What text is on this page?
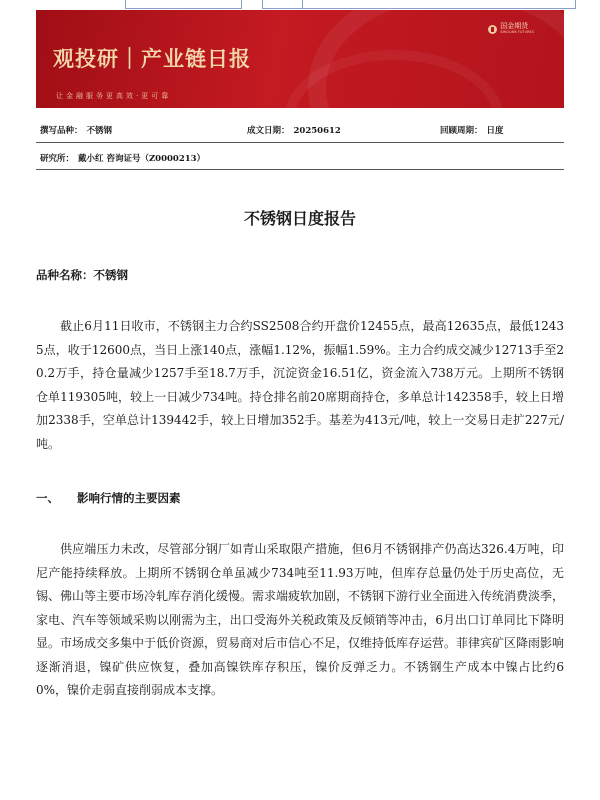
观投研｜产业链日报
让金融服务更高效·更可靠
国金期货
SINOLINK FUTURES
撰写品种： 不锈钢	成文日期： 20250612	回顾周期： 日度
研究所： 戴小红 咨询证号（Z0000213）
不锈钢日度报告
品种名称：不锈钢
截止6月11日收市，不锈钢主力合约SS2508合约开盘价12455点，最高12635点，最低12435点，收于12600点，当日上涨140点，涨幅1.12%，振幅1.59%。主力合约成交减少12713手至20.2万手，持仓量减少1257手至18.7万手，沉淀资金16.51亿，资金流入738万元。上期所不锈钢仓单119305吨，较上一日减少734吨。持仓排名前20席期商持仓，多单总计142358手，较上日增加2338手，空单总计139442手，较上日增加352手。基差为413元/吨，较上一交易日走扩227元/吨。
一、 影响行情的主要因素
供应端压力未改，尽管部分钢厂如青山采取限产措施，但6月不锈钢排产仍高达326.4万吨，印尼产能持续释放。上期所不锈钢仓单虽减少734吨至11.93万吨，但库存总量仍处于历史高位，无锡、佛山等主要市场冷轧库存消化缓慢。需求端疲软加剧，不锈钢下游行业全面进入传统消费淡季，家电、汽车等领域采购以刚需为主，出口受海外关税政策及反倾销等冲击，6月出口订单同比下降明显。市场成交多集中于低价资源，贸易商对后市信心不足，仅维持低库存运营。菲律宾矿区降雨影响逐渐消退，镍矿供应恢复，叠加高镍铁库存积压，镍价反弹乏力。不锈钢生产成本中镍占比约60%，镍价走弱直接削弱成本支撑。
